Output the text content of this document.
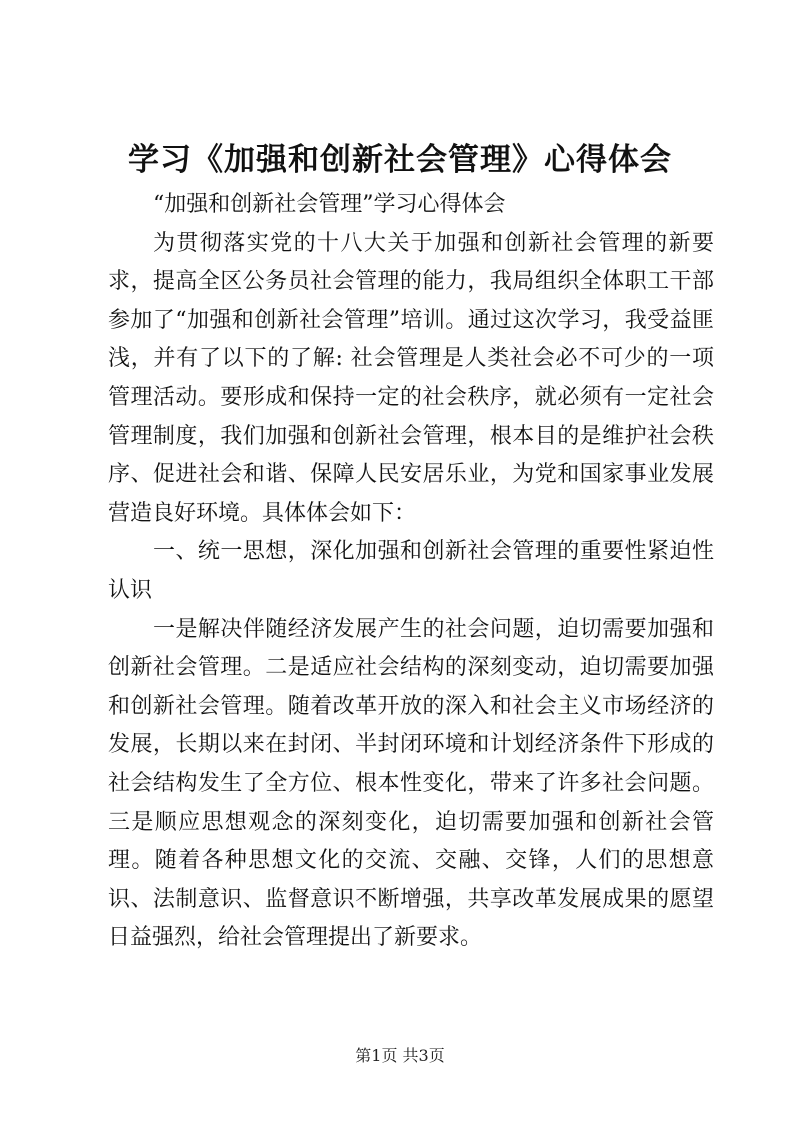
学习《加强和创新社会管理》心得体会

“加强和创新社会管理”学习心得体会

为贯彻落实党的十八大关于加强和创新社会管理的新要求，提高全区公务员社会管理的能力，我局组织全体职工干部参加了“加强和创新社会管理”培训。通过这次学习，我受益匪浅，并有了以下的了解: 社会管理是人类社会必不可少的一项管理活动。要形成和保持一定的社会秩序，就必须有一定社会管理制度，我们加强和创新社会管理，根本目的是维护社会秩序、促进社会和谐、保障人民安居乐业，为党和国家事业发展营造良好环境。具体体会如下：

一、统一思想，深化加强和创新社会管理的重要性紧迫性认识

一是解决伴随经济发展产生的社会问题，迫切需要加强和创新社会管理。二是适应社会结构的深刻变动，迫切需要加强和创新社会管理。随着改革开放的深入和社会主义市场经济的发展，长期以来在封闭、半封闭环境和计划经济条件下形成的社会结构发生了全方位、根本性变化，带来了许多社会问题。三是顺应思想观念的深刻变化，迫切需要加强和创新社会管理。随着各种思想文化的交流、交融、交锋，人们的思想意识、法制意识、监督意识不断增强，共享改革发展成果的愿望日益强烈，给社会管理提出了新要求。

第1页 共3页
